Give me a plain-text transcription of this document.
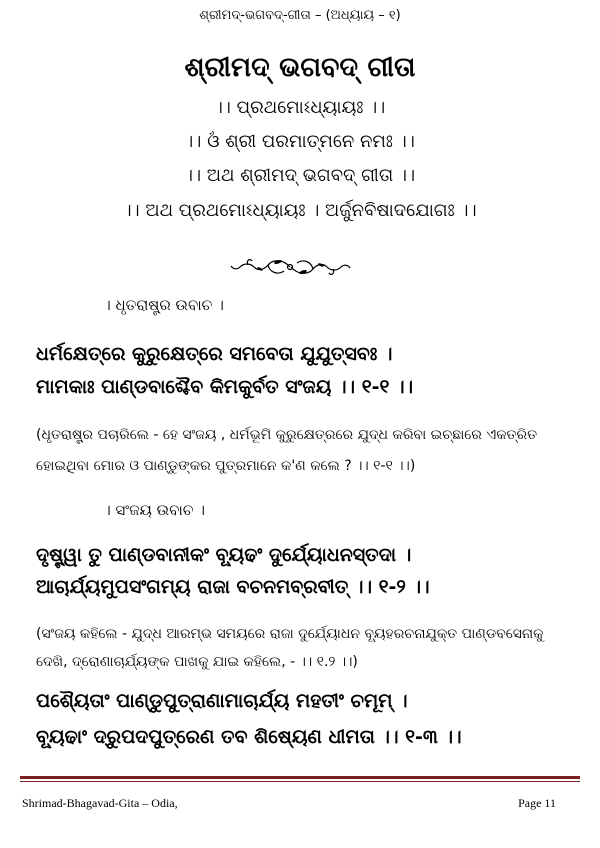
ଶ୍ରୀମଦ୍-ଭଗବଦ୍-ଗୀତା – (ଅଧ୍ୟାୟ – ୧)
ଶ୍ରୀମଦ୍ ଭଗବଦ୍ ଗୀତା
।। ପ୍ରଥମୋଽଧ୍ୟାୟଃ ।।
।। ଓଁ ଶ୍ରୀ ପରମାତ୍ମନେ ନମଃ ।।
।। ଅଥ ଶ୍ରୀମଦ୍ ଭଗବଦ୍ ଗୀତା ।।
।। ଅଥ ପ୍ରଥମୋଽଧ୍ୟାୟଃ । ଅର୍ଜୁନବିଷାଦଯୋଗଃ ।।
। ଧୃତରାଷ୍ଟ୍ର ଉବାଚ ।
ଧର୍ମକ୍ଷେତ୍ରେ କୁରୁକ୍ଷେତ୍ରେ ସମବେତା ଯୁଯୁତ୍ସବଃ ।
ମାମକାଃ ପାଣ୍ଡବାଶ୍ଚୈବ କିମକୁର୍ବତ ସଂଜୟ ।। ୧-୧ ।।
(ଧୃତରାଷ୍ଟ୍ର ପଚାରିଲେ - ହେ ସଂଜୟ , ଧର୍ମଭୂମି କୁରୁକ୍ଷେତ୍ରରେ ଯୁଦ୍ଧ କରିବା ଇଚ୍ଛାରେ ଏକତ୍ରିତ
ହୋଇଥିବା ମୋର ଓ ପାଣ୍ଡୁଙ୍କର ପୁତ୍ରମାନେ କ'ଣ କଲେ ? ।। ୧-୧ ।।)
। ସଂଜୟ ଉବାଚ ।
ଦୃଷ୍ଟ୍ୱା ତୁ ପାଣ୍ଡବାନୀକଂ ବ୍ୟୂଢଂ ଦୁର୍ଯ୍ୟୋଧନସ୍ତଦା ।
ଆଚାର୍ଯ୍ୟମୁପସଂଗମ୍ୟ ରାଜା ବଚନମବ୍ରବୀତ୍ ।। ୧-୨ ।।
(ସଂଜୟ କହିଲେ - ଯୁଦ୍ଧ ଆରମ୍ଭ ସମୟରେ ରାଜା ଦୁର୍ଯ୍ୟୋଧନ ବ୍ୟୂହରଚନାଯୁକ୍ତ ପାଣ୍ଡବସେନାକୁ
ଦେଖି, ଦ୍ରୋଣାଚାର୍ଯ୍ୟଙ୍କ ପାଖକୁ ଯାଇ କହିଲେ, - ।। ୧.୨ ।।)
ପଶ୍ୟୈତାଂ ପାଣ୍ଡୁପୁତ୍ରାଣାମାଚାର୍ଯ୍ୟ ମହତୀଂ ଚମୂମ୍ ।
ବ୍ୟୂଢାଂ ଦ୍ରୁପଦପୁତ୍ରେଣ ତବ ଶିଷ୍ୟେଣ ଧୀମତା ।। ୧-୩ ।।
Shrimad-Bhagavad-Gita – Odia,	Page 11
